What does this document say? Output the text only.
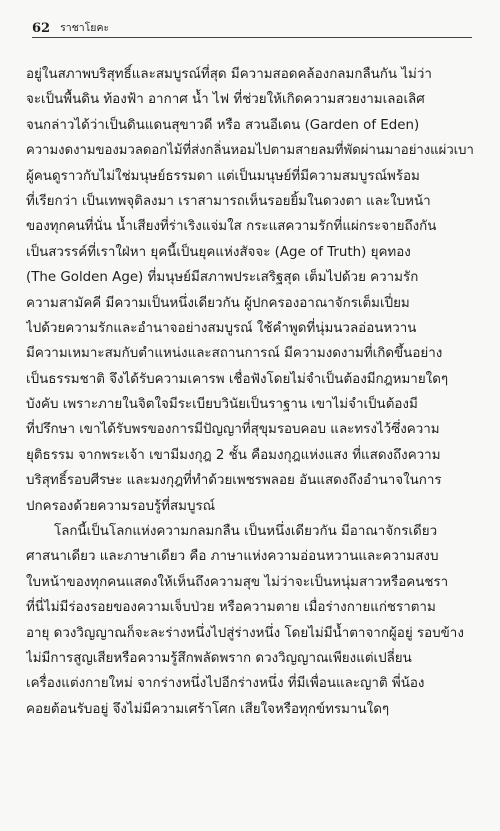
62 ราชาโยคะ
อยู่ในสภาพบริสุทธิ์และสมบูรณ์ที่สุด มีความสอดคล้องกลมกลืนกัน ไม่ว่า
จะเป็นพื้นดิน ท้องฟ้า อากาศ น้ำ ไฟ ที่ช่วยให้เกิดความสวยงามเลอเลิศ
จนกล่าวได้ว่าเป็นดินแดนสุขาวดี หรือ สวนอีเดน (Garden of Eden)
ความงดงามของมวลดอกไม้ที่ส่งกลิ่นหอมไปตามสายลมที่พัดผ่านมาอย่างแผ่วเบา
ผู้คนดูราวกับไม่ใช่มนุษย์ธรรมดา แต่เป็นมนุษย์ที่มีความสมบูรณ์พร้อม
ที่เรียกว่า เป็นเทพจุติลงมา เราสามารถเห็นรอยยิ้มในดวงตา และใบหน้า
ของทุกคนที่นั่น น้ำเสียงที่ร่าเริงแจ่มใส กระแสความรักที่แผ่กระจายถึงกัน
เป็นสวรรค์ที่เราใฝ่หา ยุคนี้เป็นยุคแห่งสัจจะ (Age of Truth) ยุคทอง
(The Golden Age) ที่มนุษย์มีสภาพประเสริฐสุด เต็มไปด้วย ความรัก
ความสามัคคี มีความเป็นหนึ่งเดียวกัน ผู้ปกครองอาณาจักรเต็มเปี่ยม
ไปด้วยความรักและอำนาจอย่างสมบูรณ์ ใช้คำพูดที่นุ่มนวลอ่อนหวาน
มีความเหมาะสมกับตำแหน่งและสถานการณ์ มีความงดงามที่เกิดขึ้นอย่าง
เป็นธรรมชาติ จึงได้รับความเคารพ เชื่อฟังโดยไม่จำเป็นต้องมีกฎหมายใดๆ
บังคับ เพราะภายในจิตใจมีระเบียบวินัยเป็นราฐาน เขาไม่จำเป็นต้องมี
ที่ปรึกษา เขาได้รับพรของการมีปัญญาที่สุขุมรอบคอบ และทรงไว้ซึ่งความ
ยุติธรรม จากพระเจ้า เขามีมงกุฎ 2 ชั้น คือมงกุฎแห่งแสง ที่แสดงถึงความ
บริสุทธิ์รอบศีรษะ และมงกุฎที่ทำด้วยเพชรพลอย อันแสดงถึงอำนาจในการ
ปกครองด้วยความรอบรู้ที่สมบูรณ์
โลกนี้เป็นโลกแห่งความกลมกลืน เป็นหนึ่งเดียวกัน มีอาณาจักรเดียว
ศาสนาเดียว และภาษาเดียว คือ ภาษาแห่งความอ่อนหวานและความสงบ
ใบหน้าของทุกคนแสดงให้เห็นถึงความสุข ไม่ว่าจะเป็นหนุ่มสาวหรือคนชรา
ที่นี่ไม่มีร่องรอยของความเจ็บป่วย หรือความตาย เมื่อร่างกายแก่ชราตาม
อายุ ดวงวิญญาณก็จะละร่างหนึ่งไปสู่ร่างหนึ่ง โดยไม่มีน้ำตาจากผู้อยู่ รอบข้าง
ไม่มีการสูญเสียหรือความรู้สึกพลัดพราก ดวงวิญญาณเพียงแต่เปลี่ยน
เครื่องแต่งกายใหม่ จากร่างหนึ่งไปอีกร่างหนึ่ง ที่มีเพื่อนและญาติ พี่น้อง
คอยต้อนรับอยู่ จึงไม่มีความเศร้าโศก เสียใจหรือทุกข์ทรมานใดๆ
